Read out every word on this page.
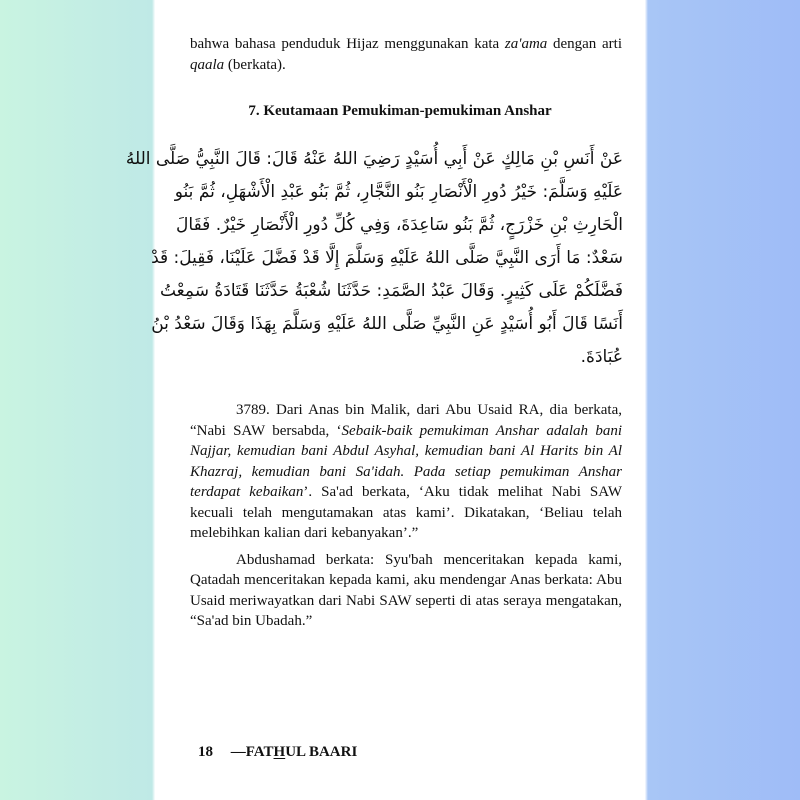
bahwa bahasa penduduk Hijaz menggunakan kata za'ama dengan arti qaala (berkata).
7. Keutamaan Pemukiman-pemukiman Anshar
عَنْ أَنَسِ بْنِ مَالِكٍ عَنْ أَبِي أُسَيْدٍ رَضِيَ اللهُ عَنْهُ قَالَ: قَالَ النَّبِيُّ صَلَّى اللهُ
عَلَيْهِ وَسَلَّمَ: خَيْرُ دُورِ الْأَنْصَارِ بَنُو النَّجَّارِ، ثُمَّ بَنُو عَبْدِ الْأَشْهَلِ، ثُمَّ بَنُو
الْحَارِثِ بْنِ خَزْرَجٍ، ثُمَّ بَنُو سَاعِدَةَ، وَفِي كُلِّ دُورِ الْأَنْصَارِ خَيْرٌ. فَقَالَ
سَعْدٌ: مَا أَرَى النَّبِيَّ صَلَّى اللهُ عَلَيْهِ وَسَلَّمَ إِلَّا قَدْ فَضَّلَ عَلَيْنَا، فَقِيلَ: قَدْ
فَضَّلَكُمْ عَلَى كَثِيرٍ. وَقَالَ عَبْدُ الصَّمَدِ: حَدَّثَنَا شُعْبَةُ حَدَّثَنَا قَتَادَةُ سَمِعْتُ
أَنَسًا قَالَ أَبُو أُسَيْدٍ عَنِ النَّبِيِّ صَلَّى اللهُ عَلَيْهِ وَسَلَّمَ بِهَذَا وَقَالَ سَعْدُ بْنُ
عُبَادَةَ.

3789. Dari Anas bin Malik, dari Abu Usaid RA, dia berkata, “Nabi SAW bersabda, ‘Sebaik-baik pemukiman Anshar adalah bani Najjar, kemudian bani Abdul Asyhal, kemudian bani Al Harits bin Al Khazraj, kemudian bani Sa'idah. Pada setiap pemukiman Anshar terdapat kebaikan’. Sa'ad berkata, ‘Aku tidak melihat Nabi SAW kecuali telah mengutamakan atas kami’. Dikatakan, ‘Beliau telah melebihkan kalian dari kebanyakan’.”

Abdushamad berkata: Syu'bah menceritakan kepada kami, Qatadah menceritakan kepada kami, aku mendengar Anas berkata: Abu Usaid meriwayatkan dari Nabi SAW seperti di atas seraya mengatakan, “Sa'ad bin Ubadah.”

18 —FATHUL BAARI
